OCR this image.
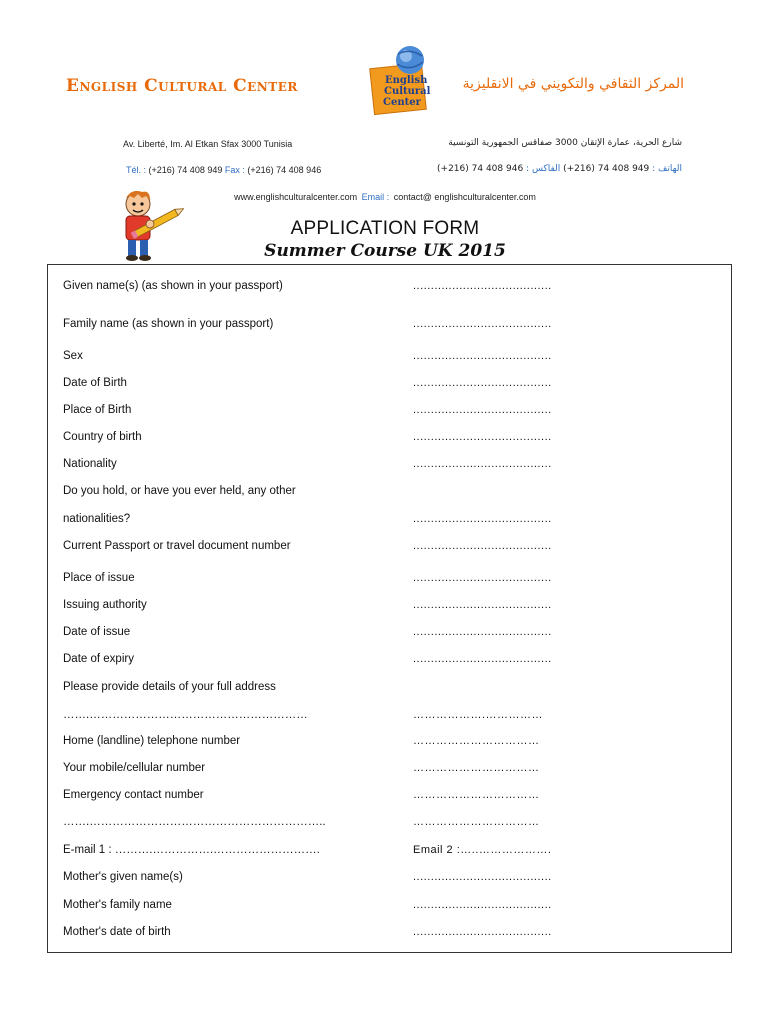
English Cultural Center	English
Cultural
Center
المركز الثقافي والتكويني في الانقليزية
Av. Liberté, Im. Al Etkan Sfax 3000 Tunisia	شارع الحرية، عمارة الإتقان 3000 صفاقس الجمهورية التونسية
Tél. : (+216) 74 408 949 Fax : (+216) 74 408 946	الهاتف : (+216) 74 408 949 الفاكس : (+216) 74 408 946
www.englishculturalcenter.com Email : contact@ englishculturalcenter.com
APPLICATION FORM
Summer Course UK 2015
Given name(s) (as shown in your passport)	.......................................
Family name (as shown in your passport)	.......................................
Sex	.......................................
Date of Birth	.......................................
Place of Birth	.......................................
Country of birth	.......................................
Nationality	.......................................
Do you hold, or have you ever held, any other
nationalities?	.......................................
Current Passport or travel document number	.......................................
Place of issue	.......................................
Issuing authority	.......................................
Date of issue	.......................................
Date of expiry	.......................................
Please provide details of your full address
…….…………………………………………………	……………….……………
Home (landline) telephone number	……………………………
Your mobile/cellular number	……………………………
Emergency contact number	……………………………
…….……………………………………………………..	……………………………
E-mail 1 : ……….…………….……………………….	Email 2 :…..……………….
Mother's given name(s)	.......................................
Mother's family name	.......................................
Mother's date of birth	.......................................
